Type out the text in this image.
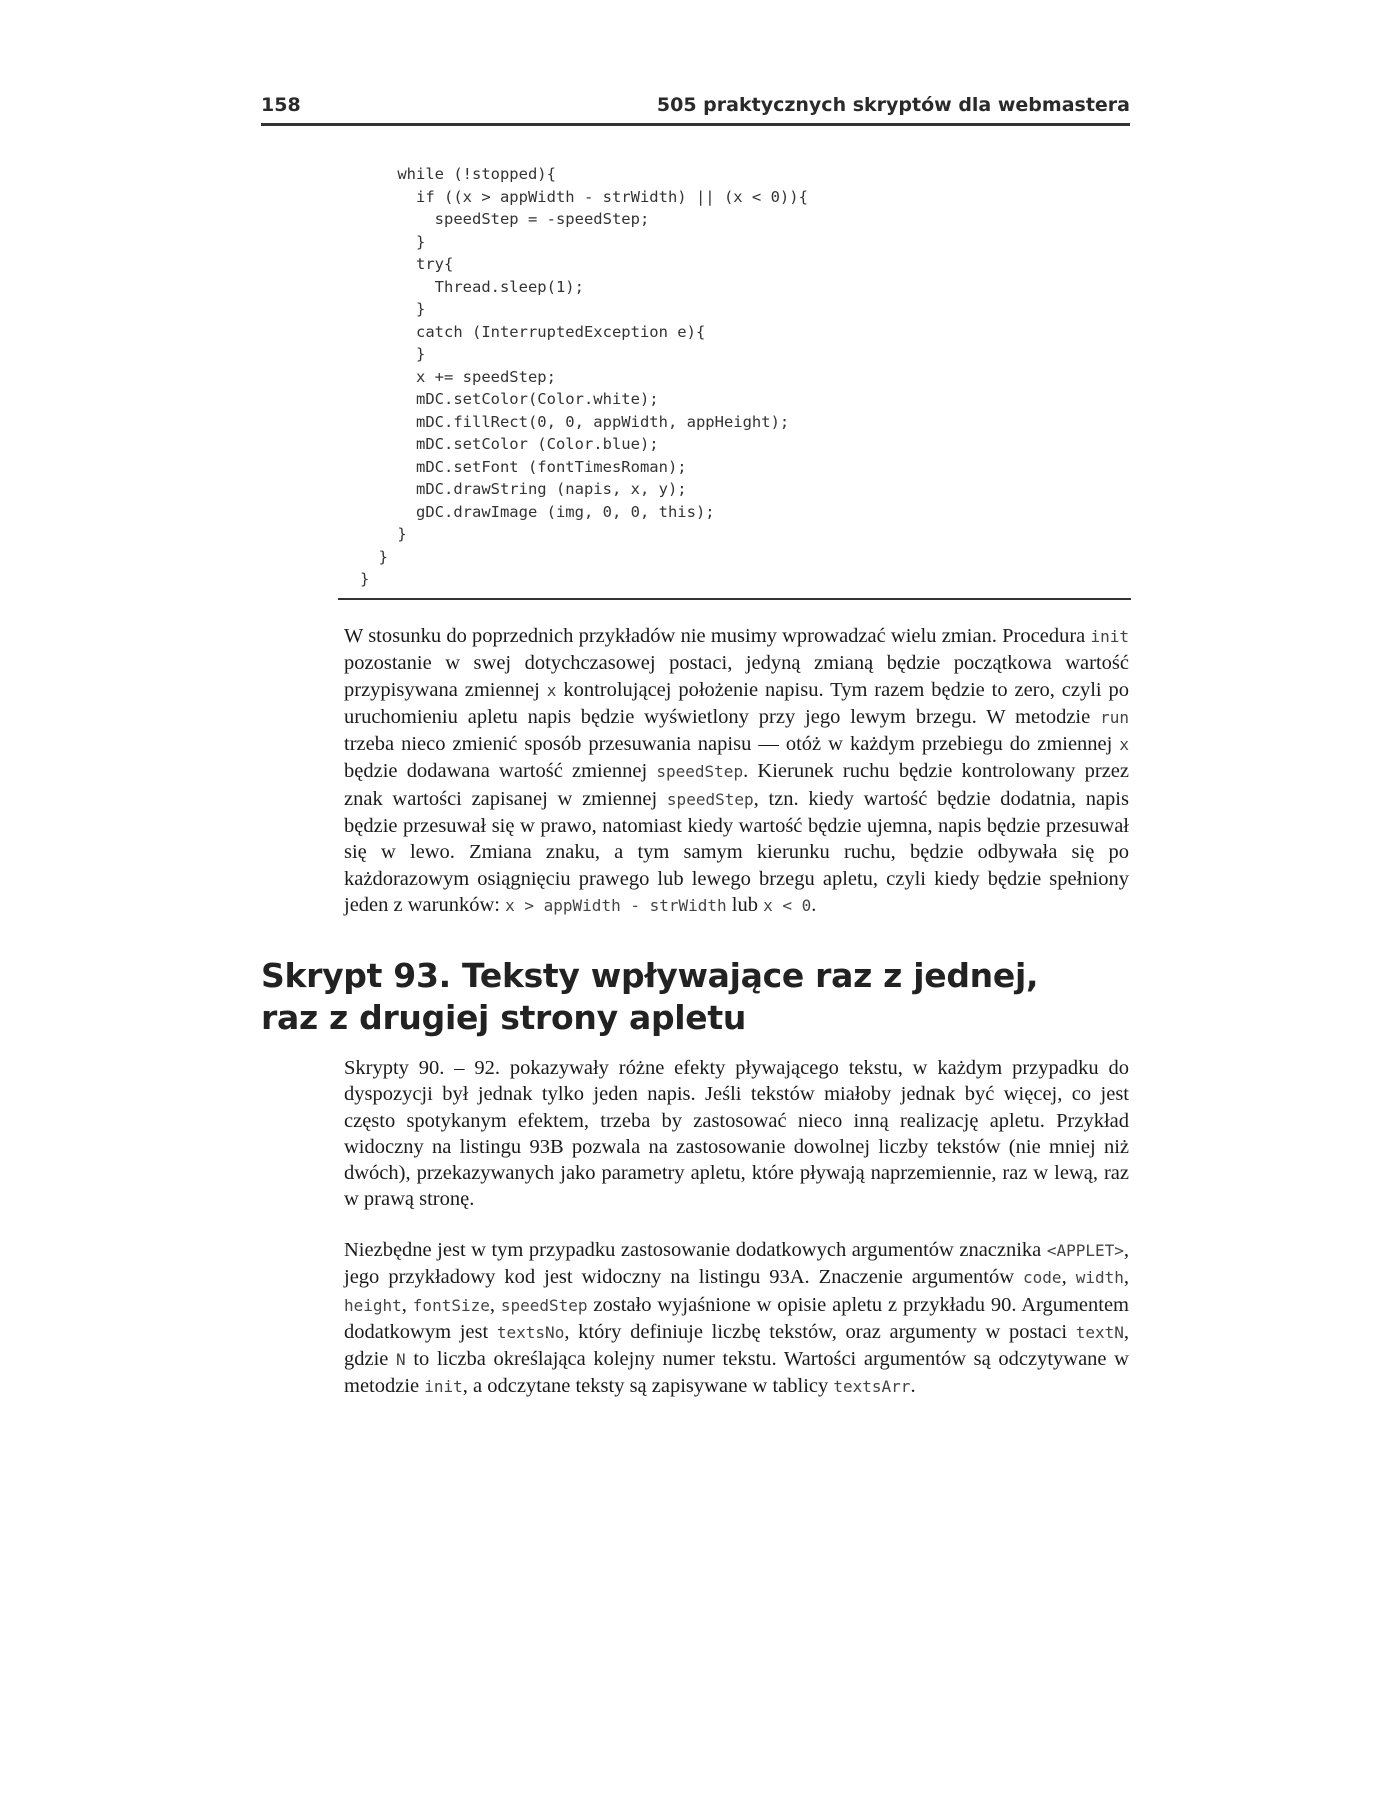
158	505 praktycznych skryptów dla webmastera
while (!stopped){
if ((x > appWidth - strWidth) || (x < 0)){
speedStep = -speedStep;
}
try{
Thread.sleep(1);
}
catch (InterruptedException e){
}
x += speedStep;
mDC.setColor(Color.white);
mDC.fillRect(0, 0, appWidth, appHeight);
mDC.setColor (Color.blue);
mDC.setFont (fontTimesRoman);
mDC.drawString (napis, x, y);
gDC.drawImage (img, 0, 0, this);
}
}
}

W stosunku do poprzednich przykładów nie musimy wprowadzać wielu zmian. Procedura init pozostanie w swej dotychczasowej postaci, jedyną zmianą będzie początkowa wartość przypisywana zmiennej x kontrolującej położenie napisu. Tym razem będzie to zero, czyli po uruchomieniu apletu napis będzie wyświetlony przy jego lewym brzegu. W metodzie run trzeba nieco zmienić sposób przesuwania napisu — otóż w każdym przebiegu do zmiennej x będzie dodawana wartość zmiennej speedStep. Kierunek ruchu będzie kontrolowany przez znak wartości zapisanej w zmiennej speedStep, tzn. kiedy wartość będzie dodatnia, napis będzie przesuwał się w prawo, natomiast kiedy wartość będzie ujemna, napis będzie przesuwał się w lewo. Zmiana znaku, a tym samym kierunku ruchu, będzie odbywała się po każdorazowym osiągnięciu prawego lub lewego brzegu apletu, czyli kiedy będzie spełniony jeden z warunków: x > appWidth - strWidth lub x < 0.

Skrypt 93. Teksty wpływające raz z jednej,
raz z drugiej strony apletu

Skrypty 90. – 92. pokazywały różne efekty pływającego tekstu, w każdym przypadku do dyspozycji był jednak tylko jeden napis. Jeśli tekstów miałoby jednak być więcej, co jest często spotykanym efektem, trzeba by zastosować nieco inną realizację apletu. Przykład widoczny na listingu 93B pozwala na zastosowanie dowolnej liczby tekstów (nie mniej niż dwóch), przekazywanych jako parametry apletu, które pływają naprzemiennie, raz w lewą, raz w prawą stronę.

Niezbędne jest w tym przypadku zastosowanie dodatkowych argumentów znacznika <APPLET>, jego przykładowy kod jest widoczny na listingu 93A. Znaczenie argumentów code, width, height, fontSize, speedStep zostało wyjaśnione w opisie apletu z przykładu 90. Argumentem dodatkowym jest textsNo, który definiuje liczbę tekstów, oraz argumenty w postaci textN, gdzie N to liczba określająca kolejny numer tekstu. Wartości argumentów są odczytywane w metodzie init, a odczytane teksty są zapisywane w tablicy textsArr.
